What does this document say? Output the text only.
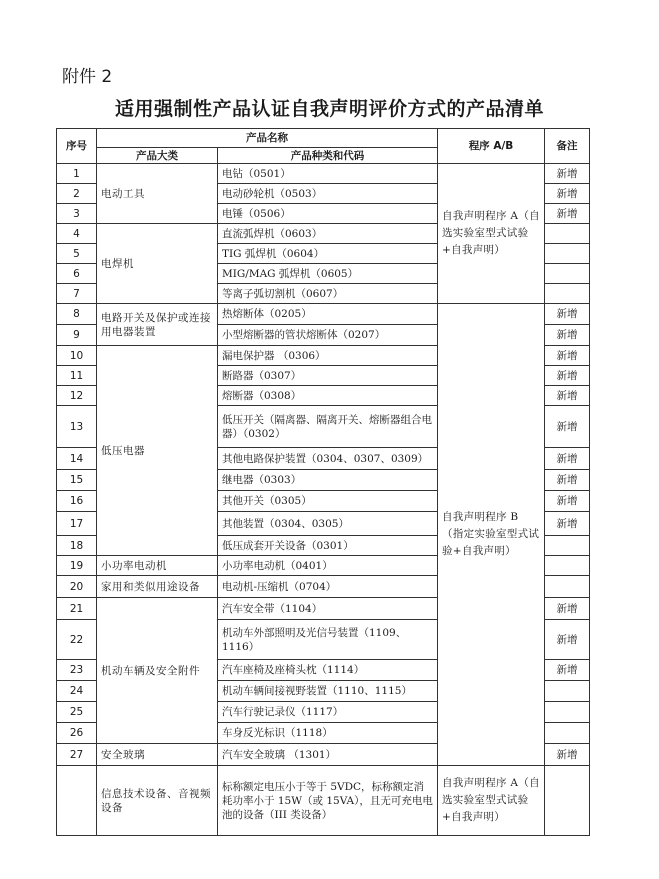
附件 2
适用强制性产品认证自我声明评价方式的产品清单
序号	产品名称		程序 A/B	备注
	产品大类	产品种类和代码		
1	电动工具	电钻（0501）	自我声明程序 A（自选实验室型式试验+自我声明）	新增
2		电动砂轮机（0503）		新增
3		电锤（0506）		新增
4	电焊机	直流弧焊机（0603）		
5		TIG 弧焊机（0604）		
6		MIG/MAG 弧焊机（0605）		
7		等离子弧切割机（0607）		
8	电路开关及保护或连接用电器装置	热熔断体（0205）	自我声明程序 B（指定实验室型式试验+自我声明）	新增
9		小型熔断器的管状熔断体（0207）		新增
10	低压电器	漏电保护器 （0306）		新增
11		断路器（0307）		新增
12		熔断器（0308）		新增
13		低压开关（隔离器、隔离开关、熔断器组合电器）（0302）		新增
14		其他电路保护装置（0304、0307、0309）		新增
15		继电器（0303）		新增
16		其他开关（0305）		新增
17		其他装置（0304、0305）		新增
18		低压成套开关设备（0301）		
19	小功率电动机	小功率电动机（0401）		
20	家用和类似用途设备	电动机-压缩机（0704）		
21	机动车辆及安全附件	汽车安全带（1104）		新增
22		机动车外部照明及光信号装置（1109、1116）		新增
23		汽车座椅及座椅头枕（1114）		新增
24		机动车辆间接视野装置（1110、1115）		
25		汽车行驶记录仪（1117）		
26		车身反光标识（1118）		
27	安全玻璃	汽车安全玻璃 （1301）		新增
	信息技术设备、音视频设备	标称额定电压小于等于 5VDC，标称额定消耗功率小于 15W（或 15VA），且无可充电电池的设备（III 类设备）	自我声明程序 A（自选实验室型式试验+自我声明）	
